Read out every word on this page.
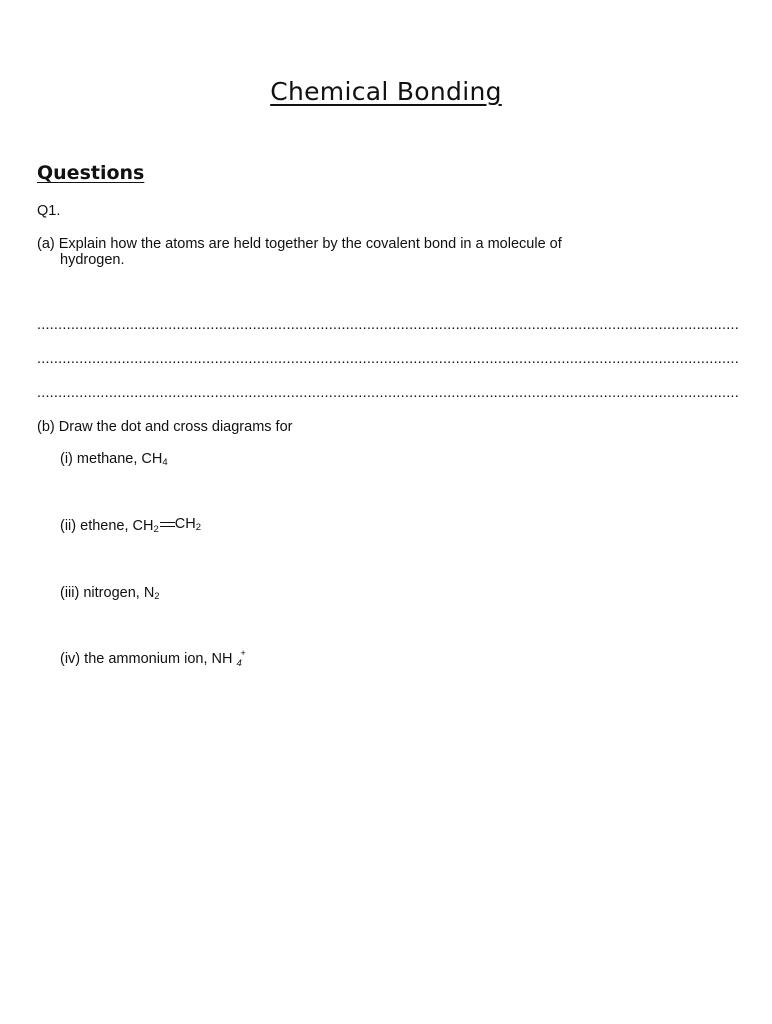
Chemical Bonding
Questions
Q1.
(a) Explain how the atoms are held together by the covalent bond in a molecule of
hydrogen.
......................................................................................................................................................................
......................................................................................................................................................................
......................................................................................................................................................................
(b) Draw the dot and cross diagrams for
(i) methane, $CH_4$
(ii) ethene, $CH_2$ CH2
(iii) nitrogen, $N_2$
(iv) the ammonium ion, NH 4
+
